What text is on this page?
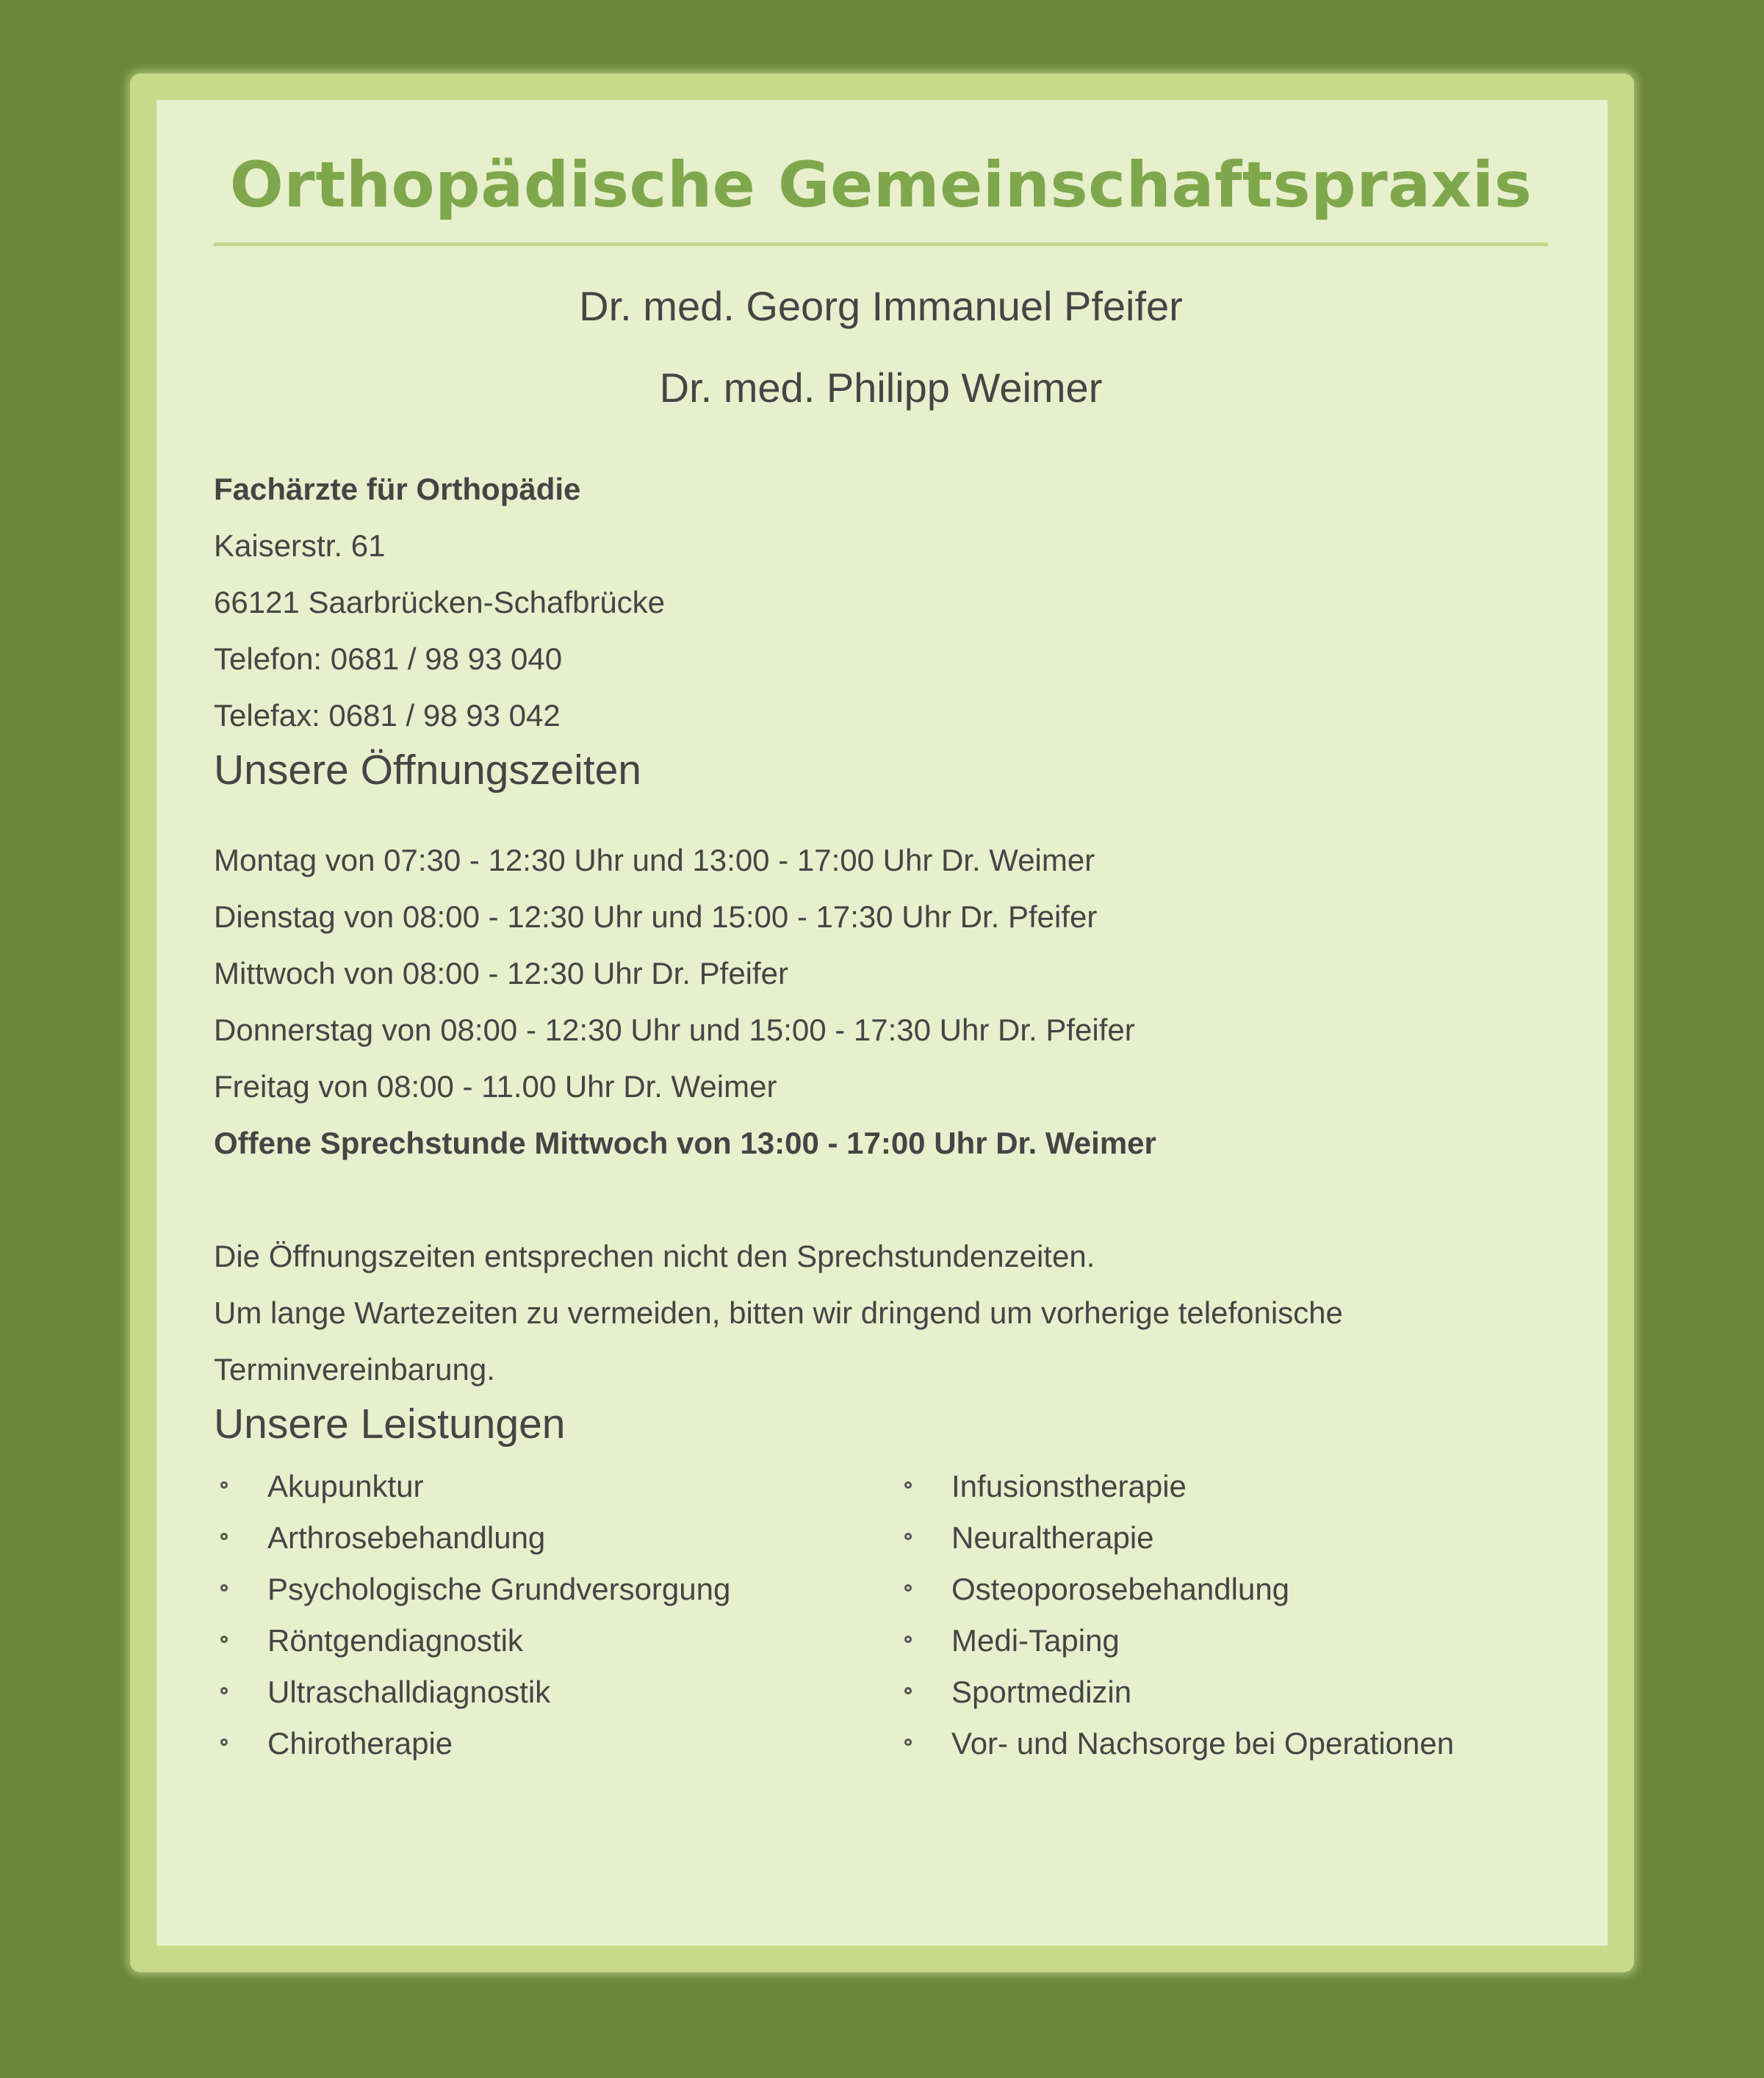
Orthopädische Gemeinschaftspraxis

Dr. med. Georg Immanuel Pfeifer

Dr. med. Philipp Weimer

Fachärzte für Orthopädie
Kaiserstr. 61
66121 Saarbrücken-Schafbrücke
Telefon: 0681 / 98 93 040
Telefax: 0681 / 98 93 042
Unsere Öffnungszeiten
Montag von 07:30 - 12:30 Uhr und 13:00 - 17:00 Uhr Dr. Weimer
Dienstag von 08:00 - 12:30 Uhr und 15:00 - 17:30 Uhr Dr. Pfeifer
Mittwoch von 08:00 - 12:30 Uhr Dr. Pfeifer
Donnerstag von 08:00 - 12:30 Uhr und 15:00 - 17:30 Uhr Dr. Pfeifer
Freitag von 08:00 - 11.00 Uhr Dr. Weimer
Offene Sprechstunde Mittwoch von 13:00 - 17:00 Uhr Dr. Weimer
Die Öffnungszeiten entsprechen nicht den Sprechstundenzeiten.
Um lange Wartezeiten zu vermeiden, bitten wir dringend um vorherige telefonische
Terminvereinbarung.
Unsere Leistungen
Akupunktur
Arthrosebehandlung
Psychologische Grundversorgung
Röntgendiagnostik
Ultraschalldiagnostik
Chirotherapie
Infusionstherapie
Neuraltherapie
Osteoporosebehandlung
Medi-Taping
Sportmedizin
Vor- und Nachsorge bei Operationen
